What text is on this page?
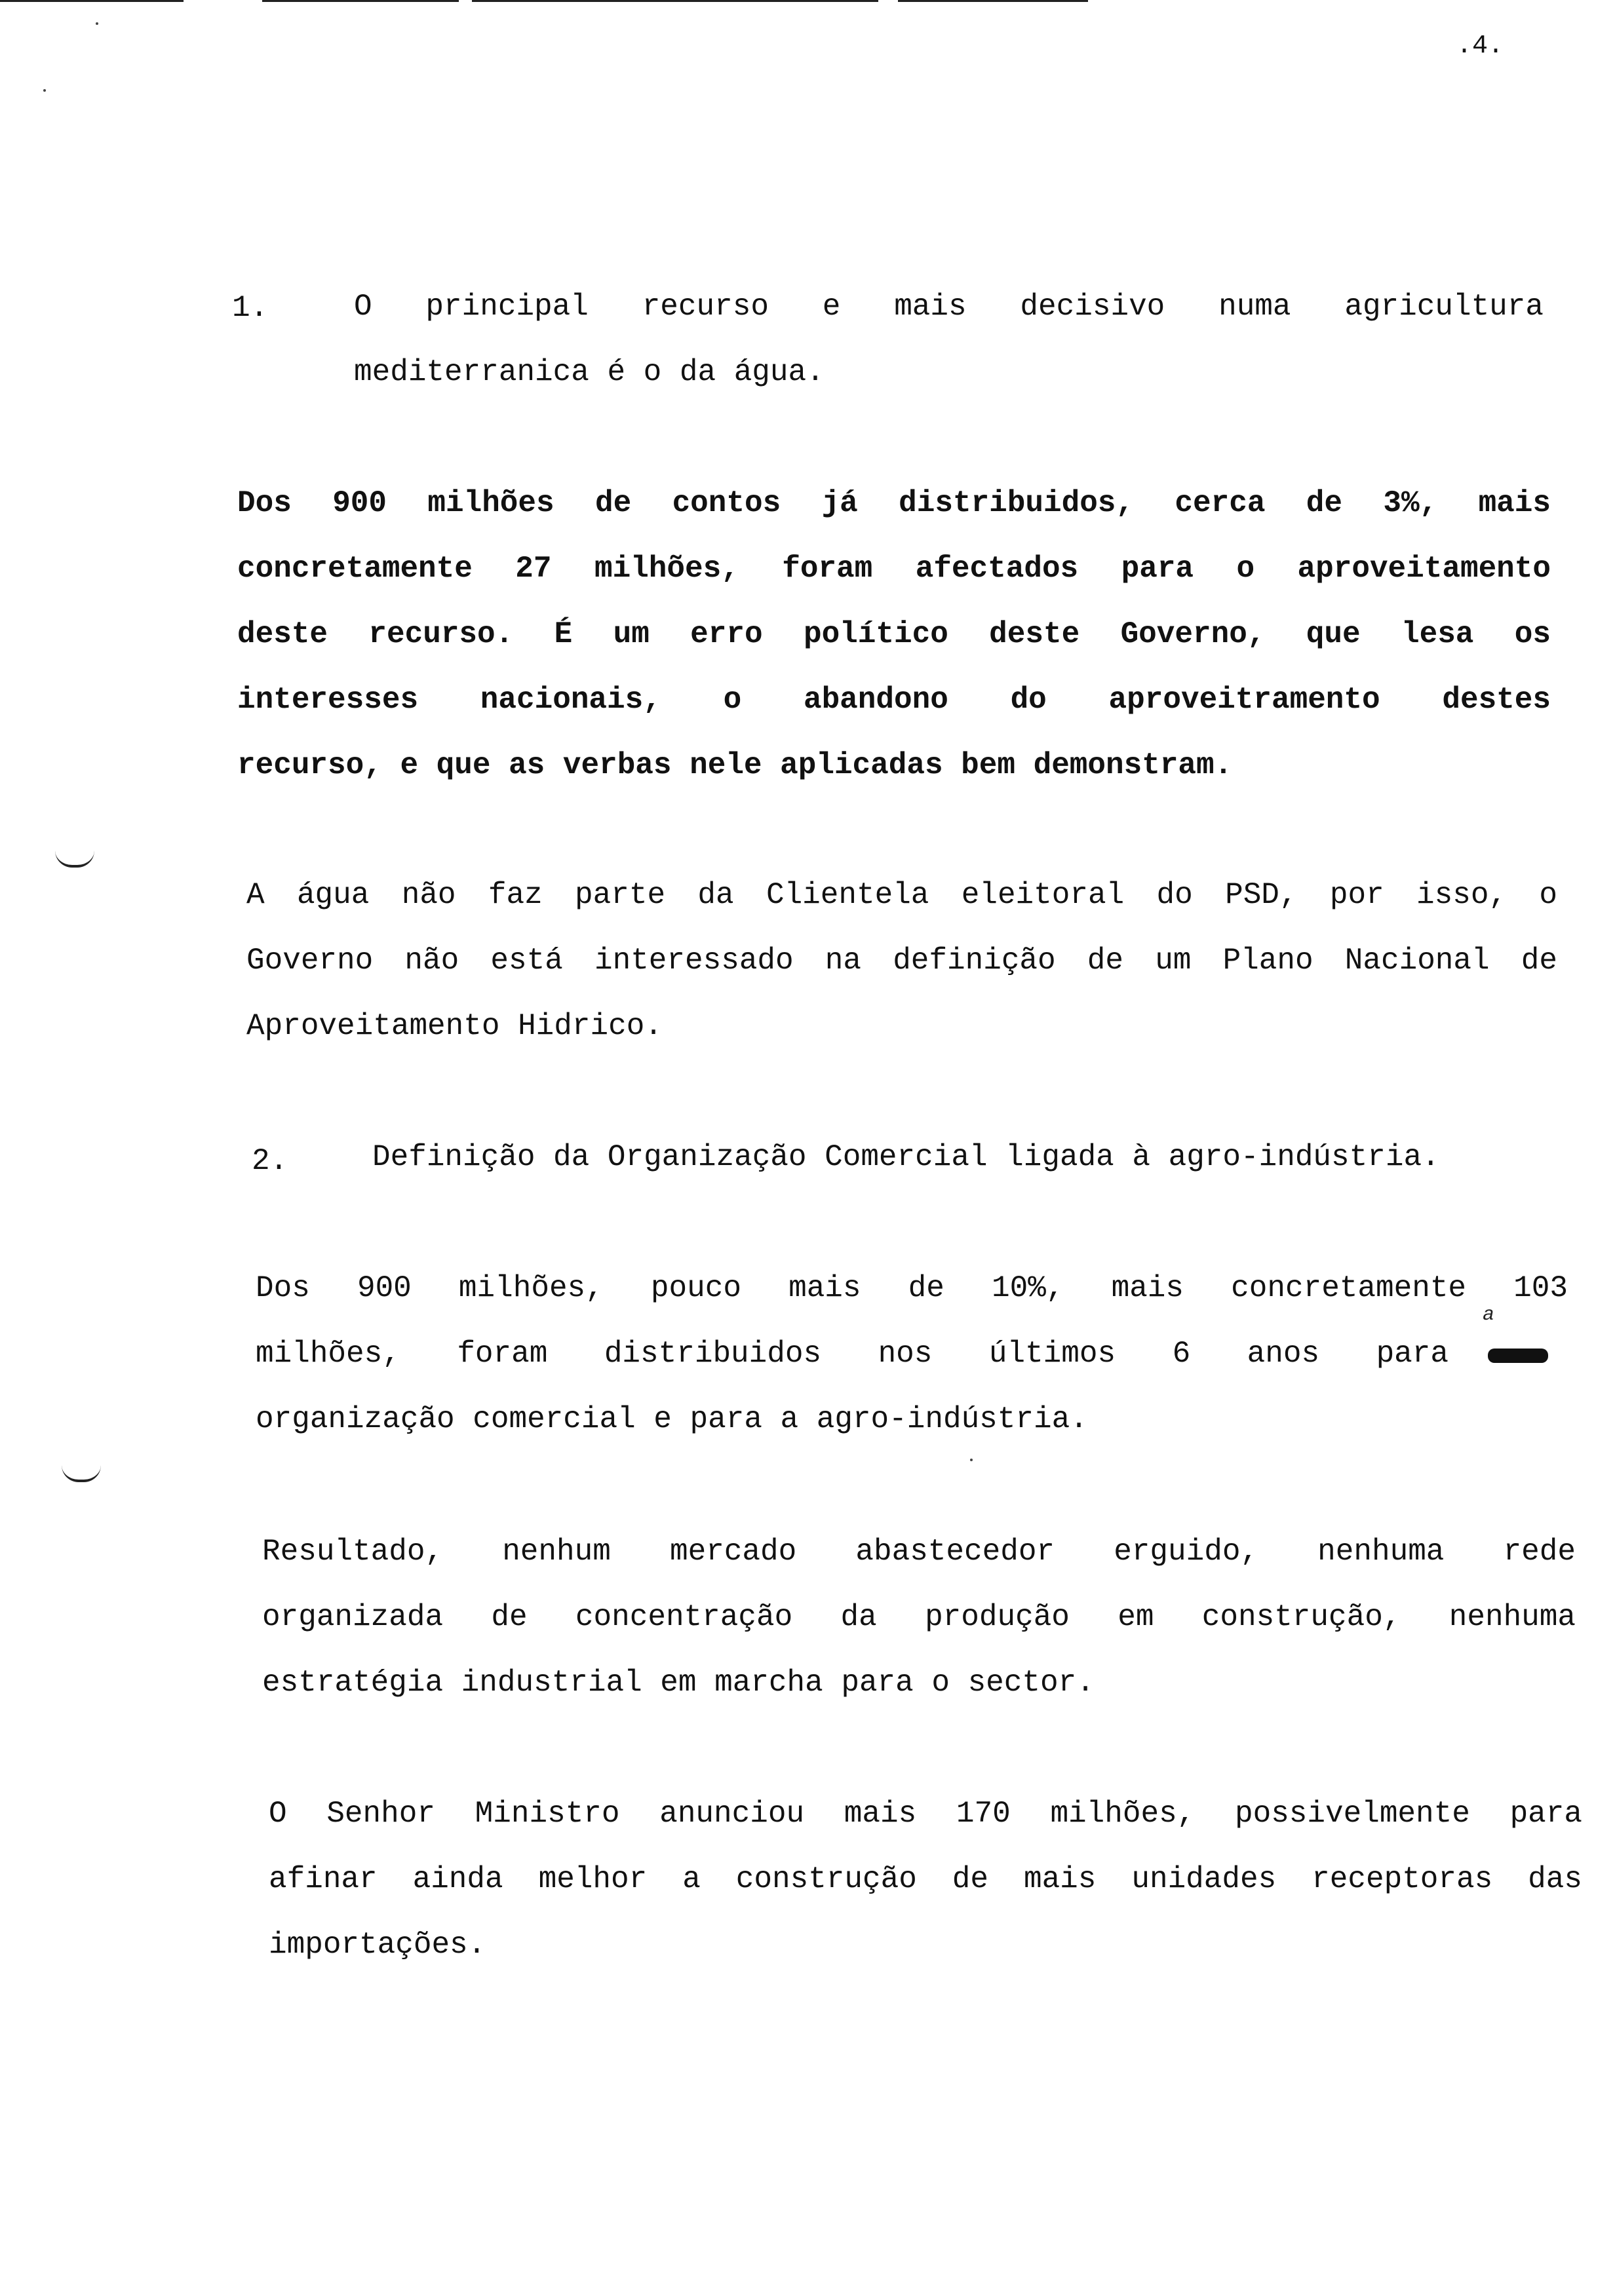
.4.
1.	O principal recurso e mais decisivo numa agricultura
mediterranica é o da água.
Dos 900 milhões de contos já distribuidos, cerca de 3%, mais
concretamente 27 milhões, foram afectados para o aproveitamento
deste recurso. É um erro político deste Governo, que lesa os
interesses nacionais, o abandono do aproveitramento destes
recurso, e que as verbas nele aplicadas bem demonstram.
A água não faz parte da Clientela eleitoral do PSD, por isso, o
Governo não está interessado na definição de um Plano Nacional de
Aproveitamento Hidrico.
2.	Definição da Organização Comercial ligada à agro-indústria.
Dos 900 milhões, pouco mais de 10%, mais concretamente 103
milhões, foram distribuidos nos últimos 6 anos para
organização comercial e para a agro-indústria.
a
Resultado, nenhum mercado abastecedor erguido, nenhuma rede
organizada de concentração da produção em construção, nenhuma
estratégia industrial em marcha para o sector.
O Senhor Ministro anunciou mais 170 milhões, possivelmente para
afinar ainda melhor a construção de mais unidades receptoras das
importações.
